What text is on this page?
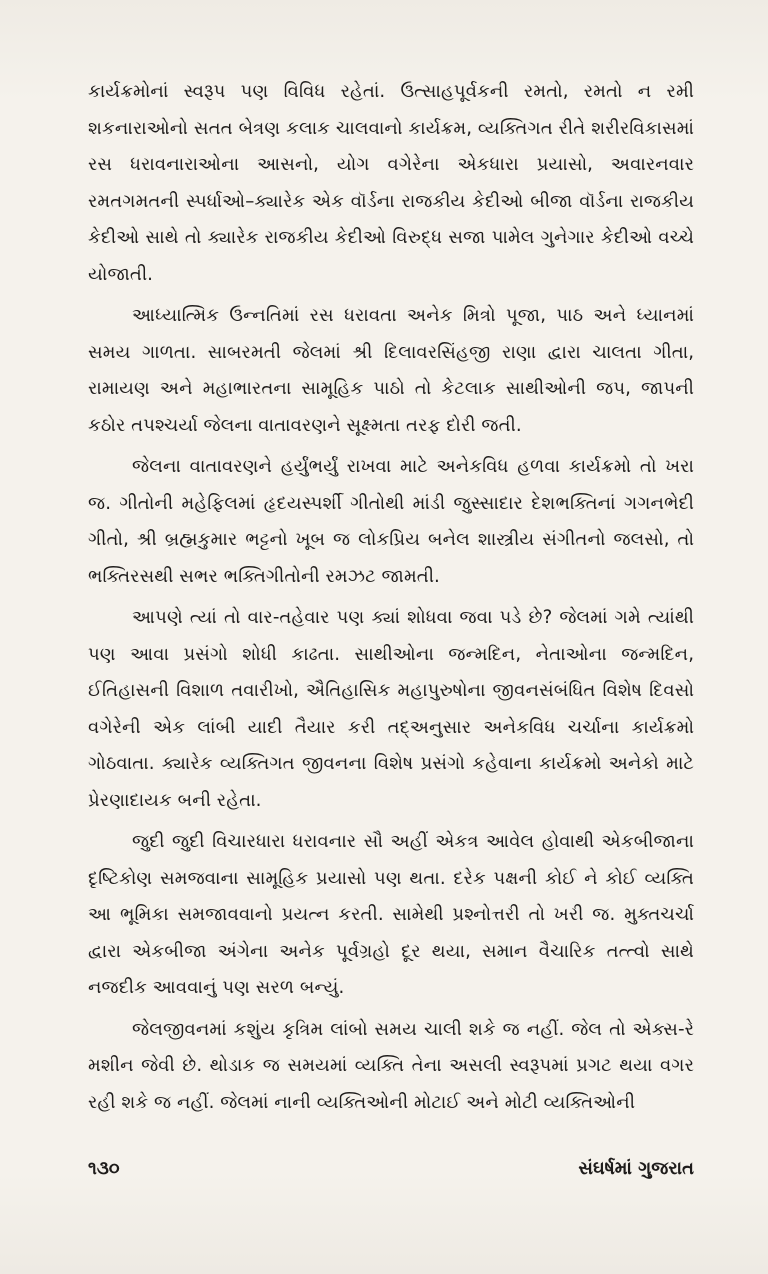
કાર્યક્રમોનાં સ્વરૂપ પણ વિવિધ રહેતાં. ઉત્સાહપૂર્વકની રમતો, રમતો ન રમી શકનારાઓનો સતત બેત્રણ કલાક ચાલવાનો કાર્યક્રમ, વ્યક્તિગત રીતે શરીરવિકાસમાં રસ ધરાવનારાઓના આસનો, યોગ વગેરેના એકધારા પ્રયાસો, અવારનવાર રમતગમતની સ્પર્ધાઓ–ક્યારેક એક વૉર્ડના રાજકીય કેદીઓ બીજા વૉર્ડના રાજકીય કેદીઓ સાથે તો ક્યારેક રાજકીય કેદીઓ વિરુદ્ધ સજા પામેલ ગુનેગાર કેદીઓ વચ્ચે યોજાતી.

આધ્યાત્મિક ઉન્નતિમાં રસ ધરાવતા અનેક મિત્રો પૂજા, પાઠ અને ધ્યાનમાં સમય ગાળતા. સાબરમતી જેલમાં શ્રી દિલાવરસિંહજી રાણા દ્વારા ચાલતા ગીતા, રામાયણ અને મહાભારતના સામૂહિક પાઠો તો કેટલાક સાથીઓની જપ, જાપની કઠોર તપશ્ચર્યા જેલના વાતાવરણને સૂક્ષ્મતા તરફ દોરી જતી.

જેલના વાતાવરણને હર્યુંભર્યું રાખવા માટે અનેકવિધ હળવા કાર્યક્રમો તો ખરા જ. ગીતોની મહેફિલમાં હૃદયસ્પર્શી ગીતોથી માંડી જુસ્સાદાર દેશભક્તિનાં ગગનભેદી ગીતો, શ્રી બ્રહ્મકુમાર ભટ્ટનો ખૂબ જ લોકપ્રિય બનેલ શાસ્ત્રીય સંગીતનો જલસો, તો ભક્તિરસથી સભર ભક્તિગીતોની રમઝટ જામતી.

આપણે ત્યાં તો વાર-તહેવાર પણ ક્યાં શોધવા જવા પડે છે? જેલમાં ગમે ત્યાંથી પણ આવા પ્રસંગો શોધી કાઢતા. સાથીઓના જન્મદિન, નેતાઓના જન્મદિન, ઈતિહાસની વિશાળ તવારીખો, ઐતિહાસિક મહાપુરુષોના જીવનસંબંધિત વિશેષ દિવસો વગેરેની એક લાંબી યાદી તૈયાર કરી તદ્અનુસાર અનેકવિધ ચર્ચાના કાર્યક્રમો ગોઠવાતા. ક્યારેક વ્યક્તિગત જીવનના વિશેષ પ્રસંગો કહેવાના કાર્યક્રમો અનેકો માટે પ્રેરણાદાયક બની રહેતા.

જુદી જુદી વિચારધારા ધરાવનાર સૌ અહીં એકત્ર આવેલ હોવાથી એકબીજાના દૃષ્ટિકોણ સમજવાના સામૂહિક પ્રયાસો પણ થતા. દરેક પક્ષની કોઈ ને કોઈ વ્યક્તિ આ ભૂમિકા સમજાવવાનો પ્રયત્ન કરતી. સામેથી પ્રશ્નોત્તરી તો ખરી જ. મુક્તચર્ચા દ્વારા એકબીજા અંગેના અનેક પૂર્વગ્રહો દૂર થયા, સમાન વૈચારિક તત્ત્વો સાથે નજદીક આવવાનું પણ સરળ બન્યું.

જેલજીવનમાં કશુંય કૃત્રિમ લાંબો સમય ચાલી શકે જ નહીં. જેલ તો એક્સ-રે મશીન જેવી છે. થોડાક જ સમયમાં વ્યક્તિ તેના અસલી સ્વરૂપમાં પ્રગટ થયા વગર રહી શકે જ નહીં. જેલમાં નાની વ્યક્તિઓની મોટાઈ અને મોટી વ્યક્તિઓની

૧૩૦	સંઘર્ષમાં ગુજરાત
